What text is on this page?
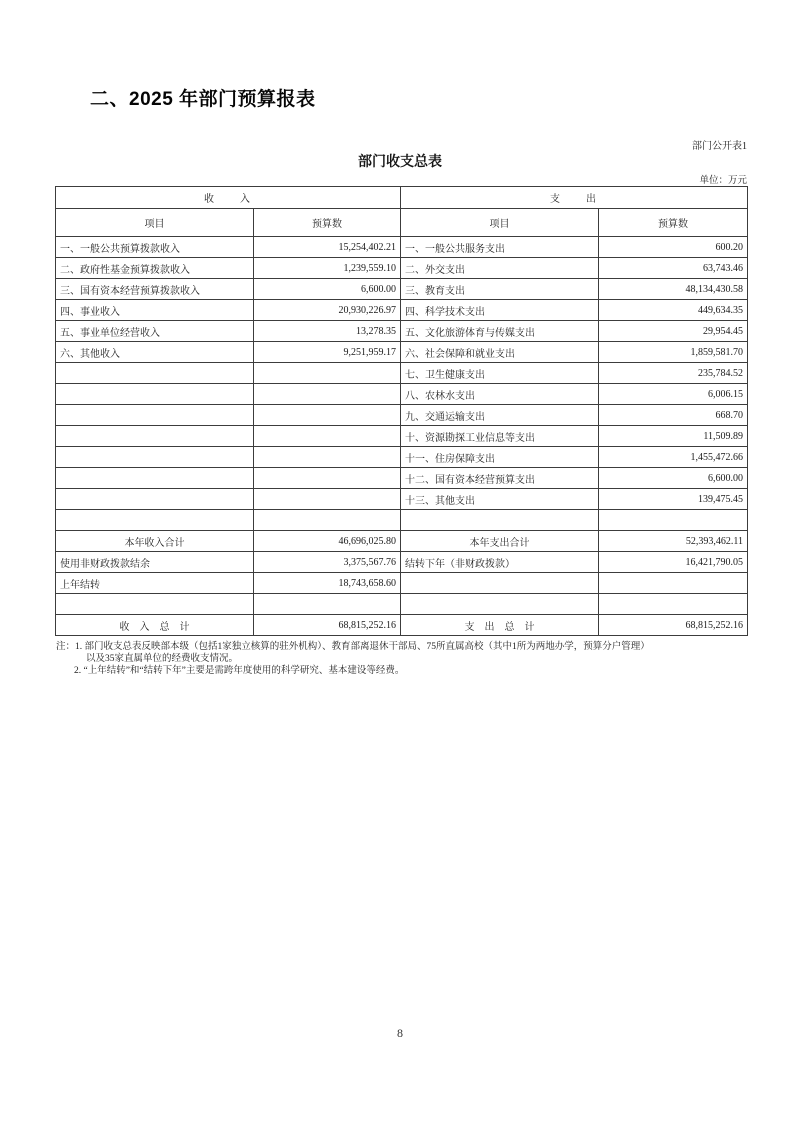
二、2025 年部门预算报表
部门公开表1
部门收支总表
单位：万元
收　　入		支　　出	
项目	预算数	项目	预算数
一、一般公共预算拨款收入	15,254,402.21	一、一般公共服务支出	600.20
二、政府性基金预算拨款收入	1,239,559.10	二、外交支出	63,743.46
三、国有资本经营预算拨款收入	6,600.00	三、教育支出	48,134,430.58
四、事业收入	20,930,226.97	四、科学技术支出	449,634.35
五、事业单位经营收入	13,278.35	五、文化旅游体育与传媒支出	29,954.45
六、其他收入	9,251,959.17	六、社会保障和就业支出	1,859,581.70
		七、卫生健康支出	235,784.52
		八、农林水支出	6,006.15
		九、交通运输支出	668.70
		十、资源勘探工业信息等支出	11,509.89
		十一、住房保障支出	1,455,472.66
		十二、国有资本经营预算支出	6,600.00
		十三、其他支出	139,475.45

本年收入合计	46,696,025.80	本年支出合计	52,393,462.11
使用非财政拨款结余	3,375,567.76	结转下年（非财政拨款）	16,421,790.05
上年结转	18,743,658.60		

收　入　总　计	68,815,252.16	支　出　总　计	68,815,252.16
注：1. 部门收支总表反映部本级（包括1家独立核算的驻外机构）、教育部离退休干部局、75所直属高校（其中1所为两地办学，预算分户管理）
以及35家直属单位的经费收支情况。
2. “上年结转”和“结转下年”主要是需跨年度使用的科学研究、基本建设等经费。
8
